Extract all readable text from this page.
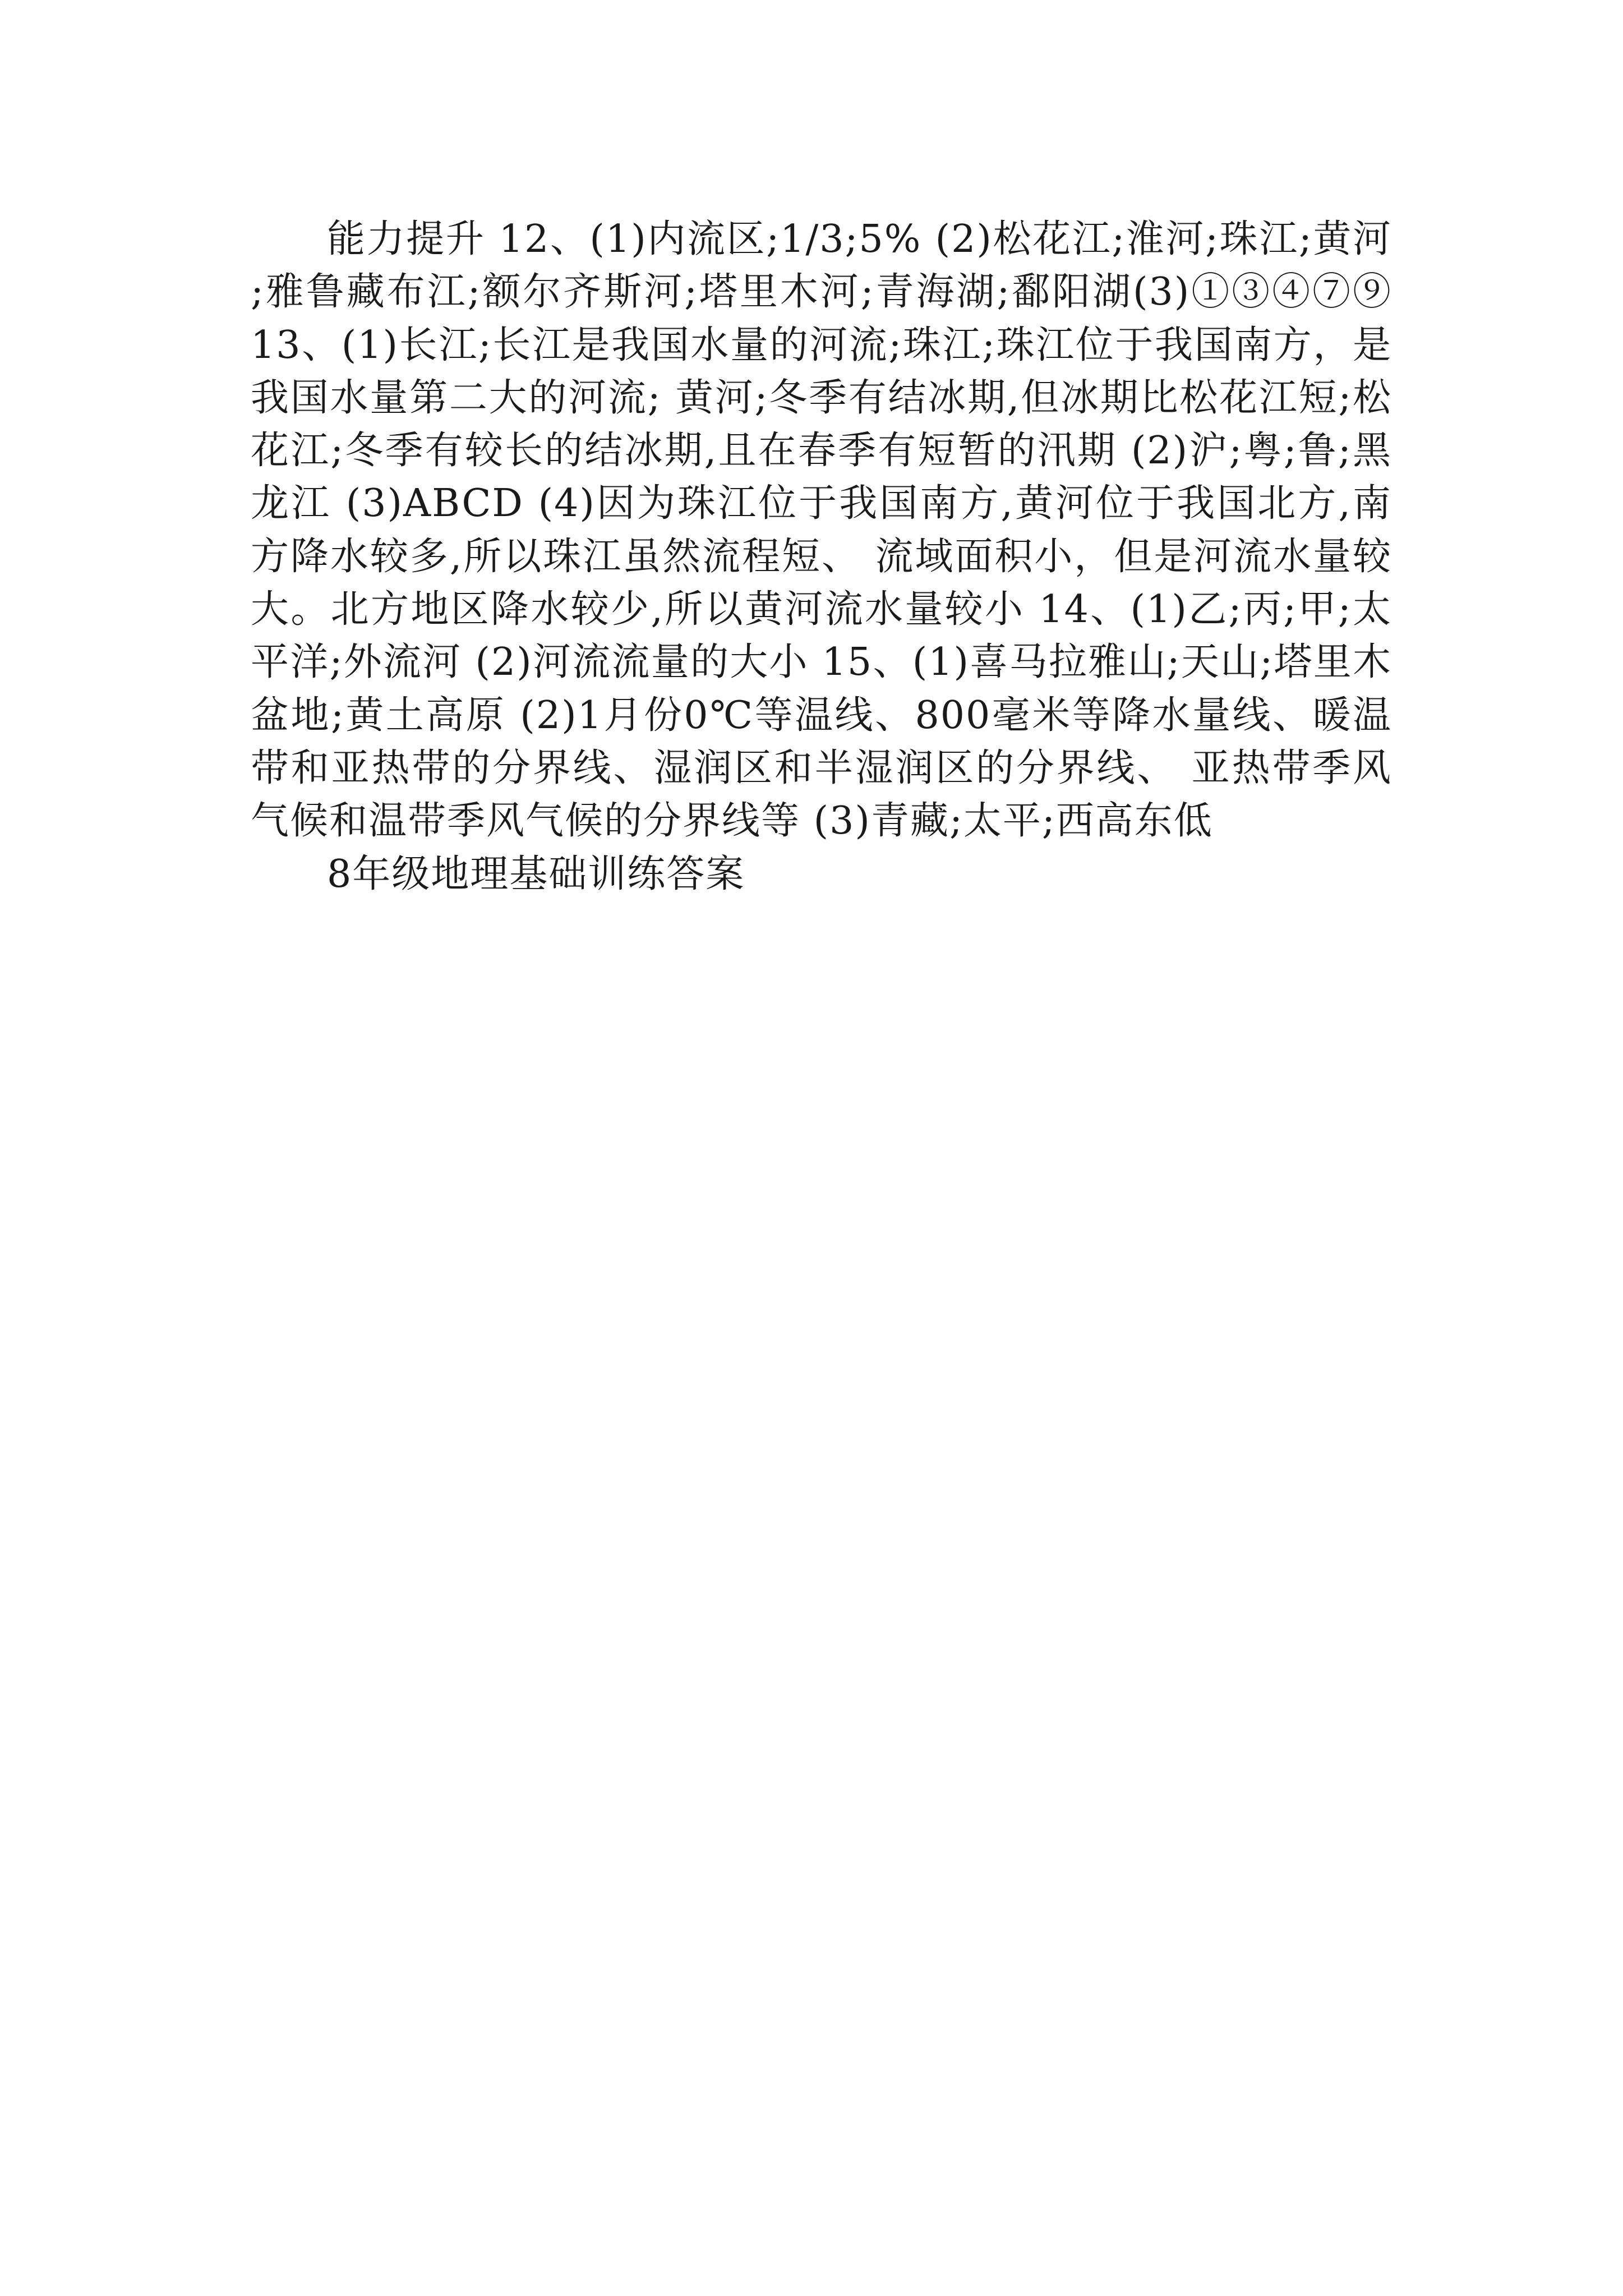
能力提升 12、(1)内流区;1/3;5% (2)松花江;淮河;珠江;黄河;雅鲁藏布江;额尔齐斯河;塔里木河;青海湖;鄱阳湖(3)①③④⑦⑨ 13、(1)长江;长江是我国水量的河流;珠江;珠江位于我国南方，是我国水量第二大的河流; 黄河;冬季有结冰期,但冰期比松花江短;松花江;冬季有较长的结冰期,且在春季有短暂的汛期 (2)沪;粤;鲁;黑龙江 (3)ABCD (4)因为珠江位于我国南方,黄河位于我国北方,南方降水较多,所以珠江虽然流程短、 流域面积小，但是河流水量较大。北方地区降水较少,所以黄河流水量较小 14、(1)乙;丙;甲;太平洋;外流河 (2)河流流量的大小 15、(1)喜马拉雅山;天山;塔里木盆地;黄土高原 (2)1月份0℃等温线、800毫米等降水量线、暖温带和亚热带的分界线、湿润区和半湿润区的分界线、 亚热带季风气候和温带季风气候的分界线等 (3)青藏;太平;西高东低

8年级地理基础训练答案
